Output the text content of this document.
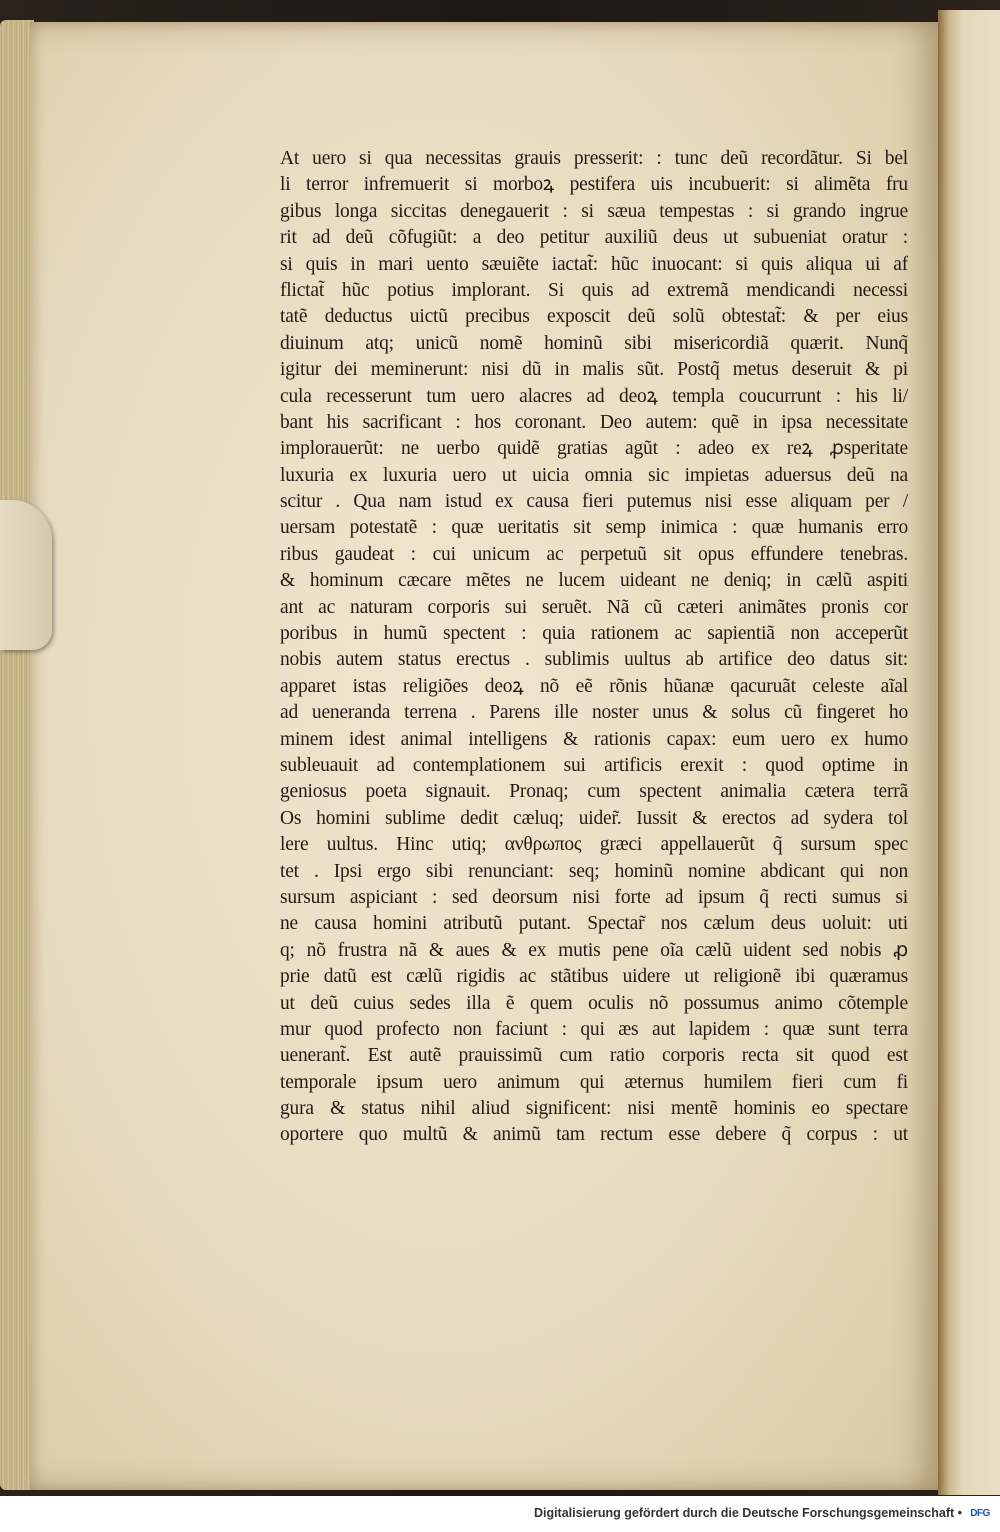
At uero si qua necessitas grauis presserit: : tunc deũ recordãtur. Si bel
li terror infremuerit si morboꝝ pestifera uis incubuerit: si alimẽta fru
gibus longa siccitas denegauerit : si sæua tempestas : si grando ingrue
rit ad deũ cõfugiũt: a deo petitur auxiliũ deus ut subueniat oratur :
si quis in mari uento sæuiẽte iactat̃: hũc inuocant: si quis aliqua ui af
flictat̃ hũc potius implorant. Si quis ad extremã mendicandi necessi
tatẽ deductus uictũ precibus exposcit deũ solũ obtestat̃: & per eius
diuinum atq; unicũ nomẽ hominũ sibi misericordiã quærit. Nunq̃
igitur dei meminerunt: nisi dũ in malis sũt. Postq̃ metus deseruit & pi
cula recesserunt tum uero alacres ad deoꝝ templa coucurrunt : his li/
bant his sacrificant : hos coronant. Deo autem: quẽ in ipsa necessitate
implorauerũt: ne uerbo quidẽ gratias agũt : adeo ex reꝝ ꝓsperitate
luxuria ex luxuria uero ut uicia omnia sic impietas aduersus deũ na
scitur . Qua nam istud ex causa fieri putemus nisi esse aliquam per /
uersam potestatẽ : quæ ueritatis sit semp inimica : quæ humanis erro
ribus gaudeat : cui unicum ac perpetuũ sit opus effundere tenebras.
& hominum cæcare mẽtes ne lucem uideant ne deniq; in cælũ aspiti
ant ac naturam corporis sui seruẽt. Nã cũ cæteri animãtes pronis cor
poribus in humũ spectent : quia rationem ac sapientiã non acceperũt
nobis autem status erectus . sublimis uultus ab artifice deo datus sit:
apparet istas religiões deoꝝ nõ eẽ rõnis hũanæ qacuruãt celeste aĩal
ad ueneranda terrena . Parens ille noster unus & solus cũ fingeret ho
minem idest animal intelligens & rationis capax: eum uero ex humo
subleuauit ad contemplationem sui artificis erexit : quod optime in
geniosus poeta signauit. Pronaq; cum spectent animalia cætera terrã
Os homini sublime dedit cæluq; uider̃. Iussit & erectos ad sydera tol
lere uultus. Hinc utiq; ανθρωπος græci appellauerũt q̃ sursum spec
tet . Ipsi ergo sibi renunciant: seq; hominũ nomine abdicant qui non
sursum aspiciant : sed deorsum nisi forte ad ipsum q̃ recti sumus si
ne causa homini atributũ putant. Spectar̃ nos cælum deus uoluit: uti
q; nõ frustra nã & aues & ex mutis pene oĩa cælũ uident sed nobis ꝓ
prie datũ est cælũ rigidis ac stãtibus uidere ut religionẽ ibi quæramus
ut deũ cuius sedes illa ẽ quem oculis nõ possumus animo cõtemple
mur quod profecto non faciunt : qui æs aut lapidem : quæ sunt terra
uenerant̃. Est autẽ prauissimũ cum ratio corporis recta sit quod est
temporale ipsum uero animum qui æternus humilem fieri cum fi
gura & status nihil aliud significent: nisi mentẽ hominis eo spectare
oportere quo multũ & animũ tam rectum esse debere q̃ corpus : ut
Digitalisierung gefördert durch die Deutsche Forschungsgemeinschaft • DFG
